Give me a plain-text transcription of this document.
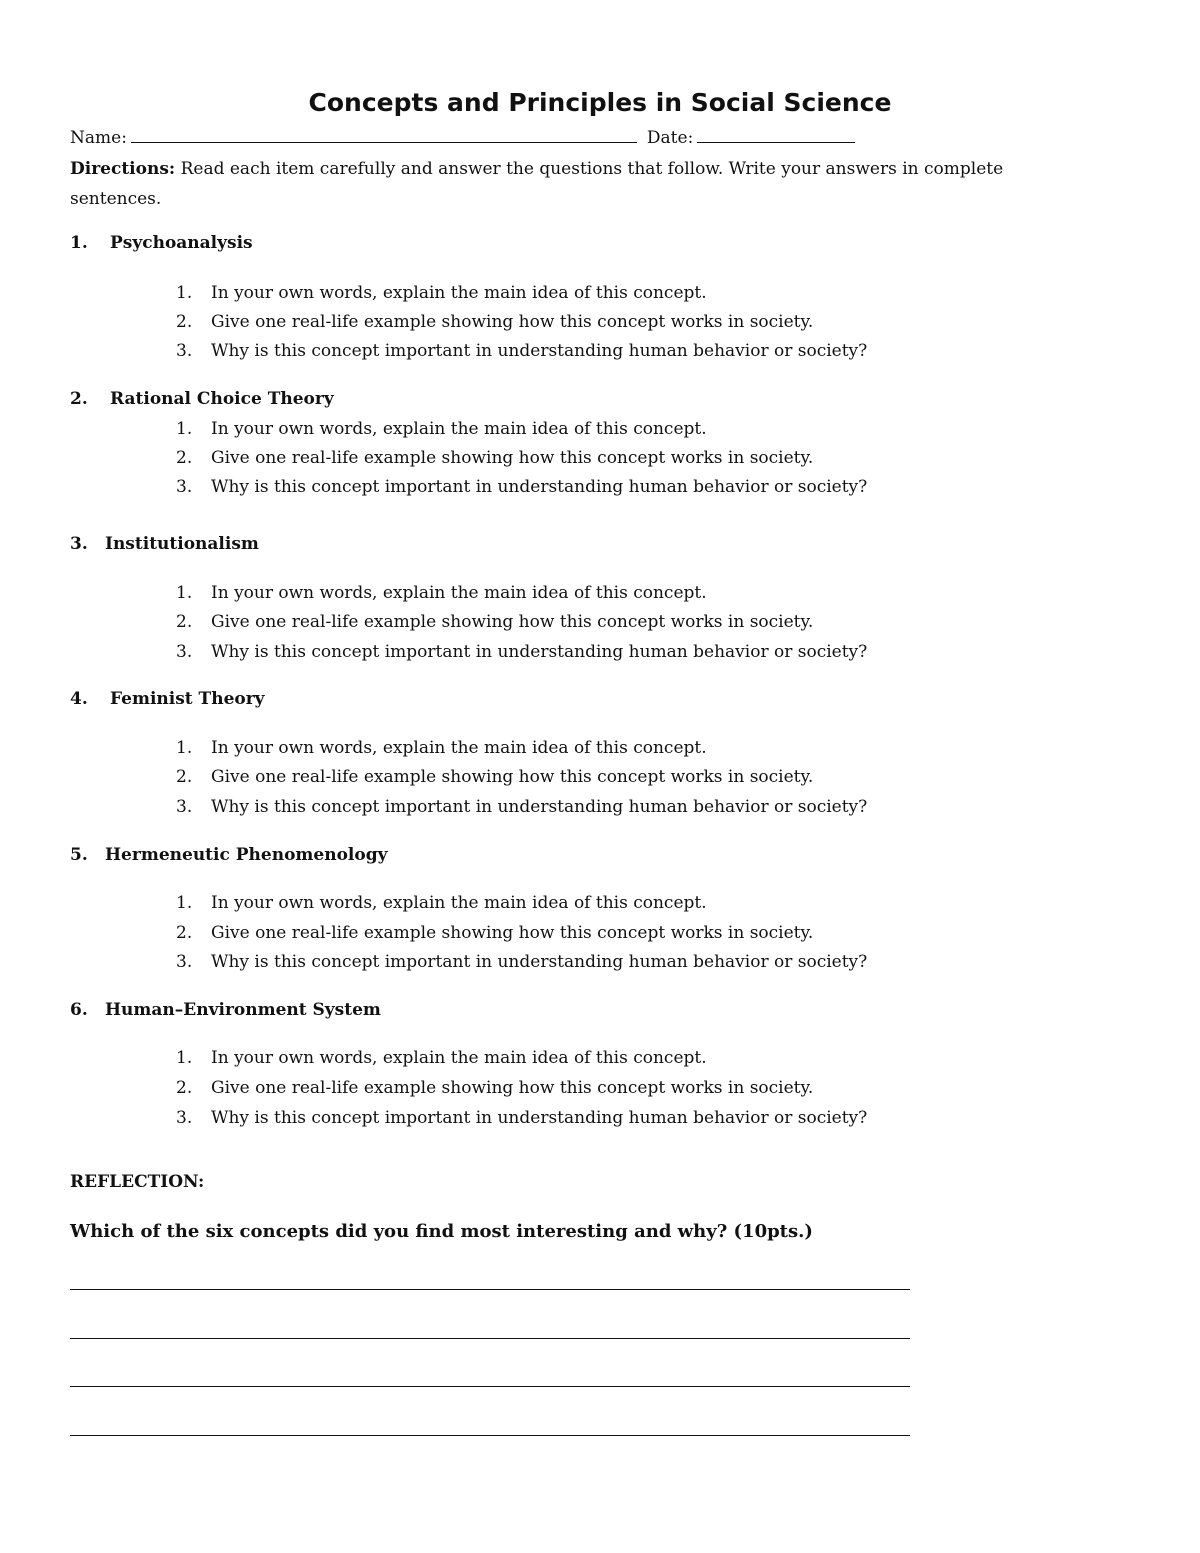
Concepts and Principles in Social Science
Name:	Date:
Directions: Read each item carefully and answer the questions that follow. Write your answers in complete sentences.
1. Psychoanalysis
1. In your own words, explain the main idea of this concept.
2. Give one real-life example showing how this concept works in society.
3. Why is this concept important in understanding human behavior or society?
2. Rational Choice Theory
1. In your own words, explain the main idea of this concept.
2. Give one real-life example showing how this concept works in society.
3. Why is this concept important in understanding human behavior or society?
3. Institutionalism
1. In your own words, explain the main idea of this concept.
2. Give one real-life example showing how this concept works in society.
3. Why is this concept important in understanding human behavior or society?
4. Feminist Theory
1. In your own words, explain the main idea of this concept.
2. Give one real-life example showing how this concept works in society.
3. Why is this concept important in understanding human behavior or society?
5. Hermeneutic Phenomenology
1. In your own words, explain the main idea of this concept.
2. Give one real-life example showing how this concept works in society.
3. Why is this concept important in understanding human behavior or society?
6. Human–Environment System
1. In your own words, explain the main idea of this concept.
2. Give one real-life example showing how this concept works in society.
3. Why is this concept important in understanding human behavior or society?
REFLECTION:
Which of the six concepts did you find most interesting and why? (10pts.)
